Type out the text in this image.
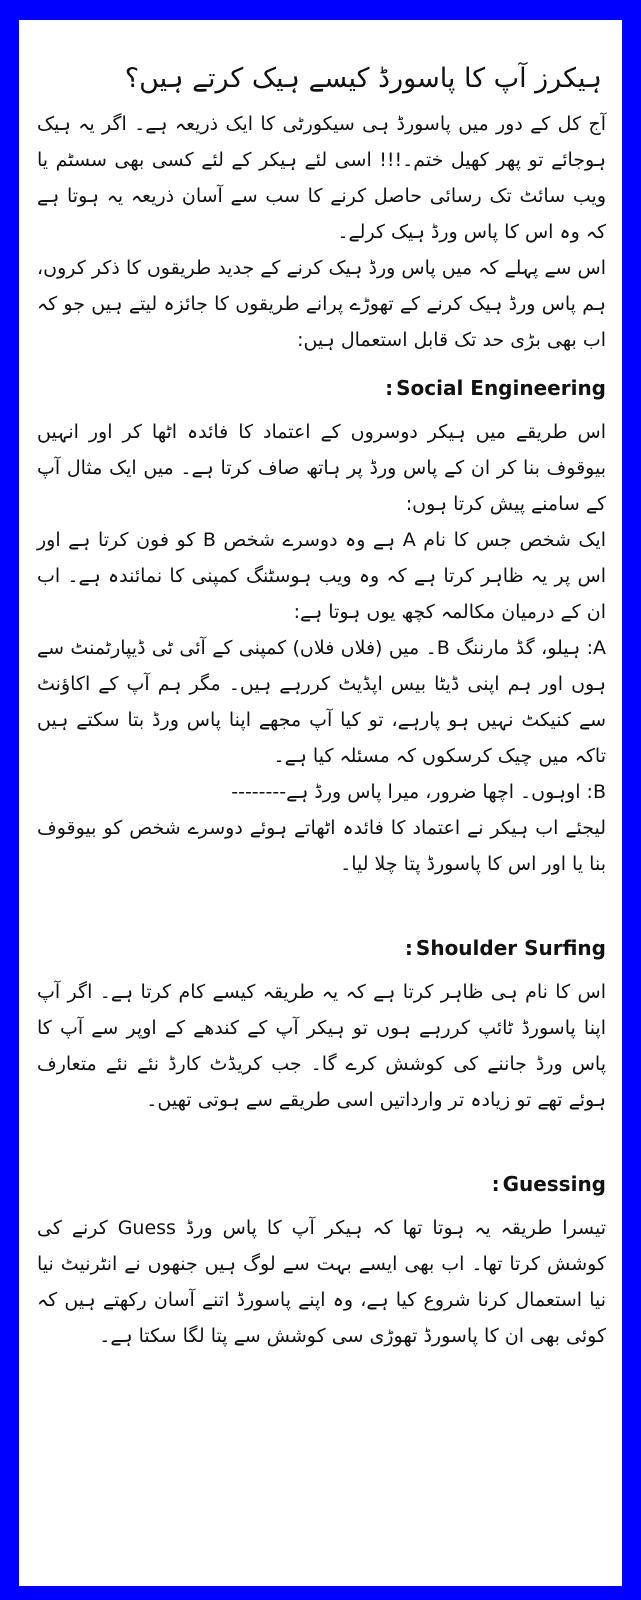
ہیکرز آپ کا پاسورڈ کیسے ہیک کرتے ہیں؟

آج کل کے دور میں پاسورڈ ہی سیکورٹی کا ایک ذریعہ ہے۔ اگر یہ ہیک ہوجائے تو پھر کھیل ختم۔!!! اسی لئے ہیکر کے لئے کسی بھی سسٹم یا ویب سائٹ تک رسائی حاصل کرنے کا سب سے آسان ذریعہ یہ ہوتا ہے کہ وہ اس کا پاس ورڈ ہیک کرلے۔

اس سے پہلے کہ میں پاس ورڈ ہیک کرنے کے جدید طریقوں کا ذکر کروں، ہم پاس ورڈ ہیک کرنے کے تھوڑے پرانے طریقوں کا جائزہ لیتے ہیں جو کہ اب بھی بڑی حد تک قابل استعمال ہیں:

: Social Engineering

اس طریقے میں ہیکر دوسروں کے اعتماد کا فائدہ اٹھا کر اور انہیں بیوقوف بنا کر ان کے پاس ورڈ پر ہاتھ صاف کرتا ہے۔ میں ایک مثال آپ کے سامنے پیش کرتا ہوں:

ایک شخص جس کا نام A ہے وہ دوسرے شخص B کو فون کرتا ہے اور اس پر یہ ظاہر کرتا ہے کہ وہ ویب ہوسٹنگ کمپنی کا نمائندہ ہے۔ اب ان کے درمیان مکالمہ کچھ یوں ہوتا ہے:

A: ہیلو، گڈ مارننگ B۔ میں (فلاں فلاں) کمپنی کے آئی ٹی ڈیپارٹمنٹ سے ہوں اور ہم اپنی ڈیٹا بیس اپڈیٹ کررہے ہیں۔ مگر ہم آپ کے اکاؤنٹ سے کنیکٹ نہیں ہو پارہے، تو کیا آپ مجھے اپنا پاس ورڈ بتا سکتے ہیں تاکہ میں چیک کرسکوں کہ مسئلہ کیا ہے۔

B: اوہوں۔ اچھا ضرور، میرا پاس ورڈ ہے--------

لیجئے اب ہیکر نے اعتماد کا فائدہ اٹھاتے ہوئے دوسرے شخص کو بیوقوف بنا یا اور اس کا پاسورڈ پتا چلا لیا۔

: Shoulder Surfing

اس کا نام ہی ظاہر کرتا ہے کہ یہ طریقہ کیسے کام کرتا ہے۔ اگر آپ اپنا پاسورڈ ٹائپ کررہے ہوں تو ہیکر آپ کے کندھے کے اوپر سے آپ کا پاس ورڈ جاننے کی کوشش کرے گا۔ جب کریڈٹ کارڈ نئے نئے متعارف ہوئے تھے تو زیادہ تر وارداتیں اسی طریقے سے ہوتی تھیں۔

: Guessing

تیسرا طریقہ یہ ہوتا تھا کہ ہیکر آپ کا پاس ورڈ Guess کرنے کی کوشش کرتا تھا۔ اب بھی ایسے بہت سے لوگ ہیں جنھوں نے انٹرنیٹ نیا نیا استعمال کرنا شروع کیا ہے، وہ اپنے پاسورڈ اتنے آسان رکھتے ہیں کہ کوئی بھی ان کا پاسورڈ تھوڑی سی کوشش سے پتا لگا سکتا ہے۔
